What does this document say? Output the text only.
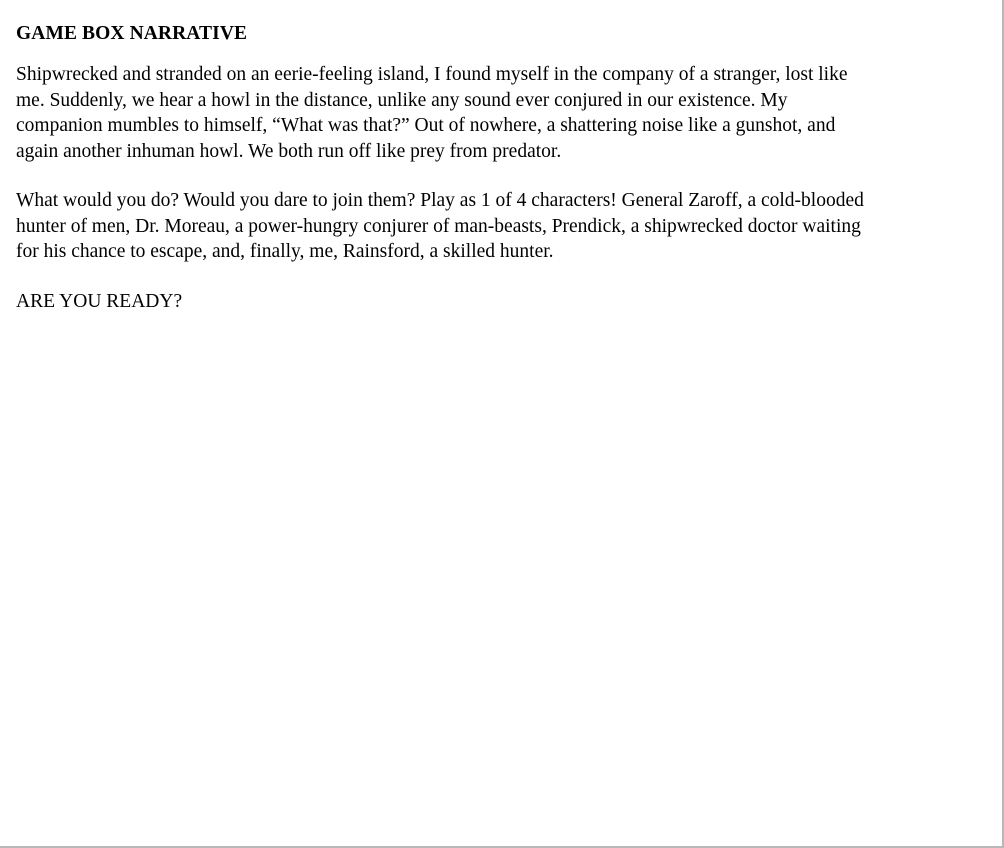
GAME BOX NARRATIVE

Shipwrecked and stranded on an eerie-feeling island, I found myself in the company of a stranger, lost like me. Suddenly, we hear a howl in the distance, unlike any sound ever conjured in our existence. My companion mumbles to himself, “What was that?” Out of nowhere, a shattering noise like a gunshot, and again another inhuman howl. We both run off like prey from predator.

What would you do? Would you dare to join them? Play as 1 of 4 characters! General Zaroff, a cold-blooded hunter of men, Dr. Moreau, a power-hungry conjurer of man-beasts, Prendick, a shipwrecked doctor waiting for his chance to escape, and, finally, me, Rainsford, a skilled hunter.

ARE YOU READY?
